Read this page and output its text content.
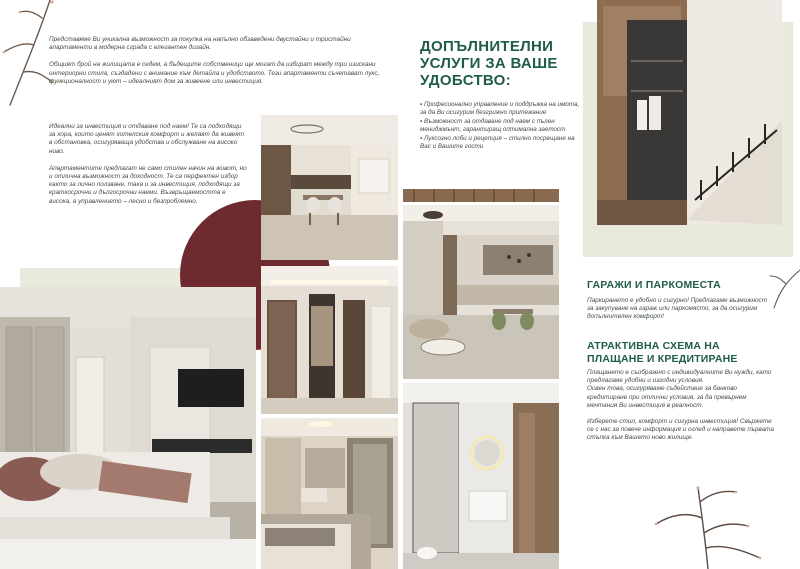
Представяме Ви уникална възможност за покупка на напълно обзаведени двустайни и тристайни апартаменти в модерна сграда с елегантен дизайн.

Общият брой на жилищата е седем, а бъдещите собственици ще могат да избират между три изискани интериорни стила, създадени с внимание към детайла и удобството. Тези апартаменти съчетават лукс, функционалност и уют – идеалният дом за живеене или инвестиция.

Идеални за инвестиция и отдаване под наем! Те са подходящи за хора, които ценят хотелския комфорт и желаят да живеят в обстановка, осигуряваща удобства и обслужване на високо ниво.

Апартаментите предлагат не само стилен начин на живот, но и отлична възможност за доходност. Те са перфектен избор както за лично ползване, така и за инвестиция, подходящи за краткосрочни и дългосрочни наеми. Възвръщаемостта е висока, а управлението – лесно и безпроблемно.

ДОПЪЛНИТЕЛНИ

УСЛУГИ ЗА ВАШЕ

УДОБСТВО:

▪ Професионално управление и поддръжка на имота, за да Ви осигурим безгрижно притежание

▪ Възможност за отдаване под наем с пълен мениджмънт, гарантиращ оптимална заетост

▪ Луксозно лоби и рецепция – стилно посрещане на Вас и Вашите гости

ГАРАЖИ И ПАРКОМЕСТА

Паркирането е удобно и сигурно! Предлагаме възможност за закупуване на гараж или паркомясто, за да осигурим допълнителен комфорт!

АТРАКТИВНА СХЕМА НА

ПЛАЩАНЕ И КРЕДИТИРАНЕ

Плащането е съобразено с индивидуалните Ви нужди, като предлагаме удобни и изгодни условия.

Освен това, осигуряваме съдействие за банково кредитиране при отлични условия, за да превърнем мечтания Ви инвестиция в реалност.

Изберете стил, комфорт и сигурна инвестиция! Свържете се с нас за повече информация и оглед и направете първата стъпка към Вашето ново жилище.
